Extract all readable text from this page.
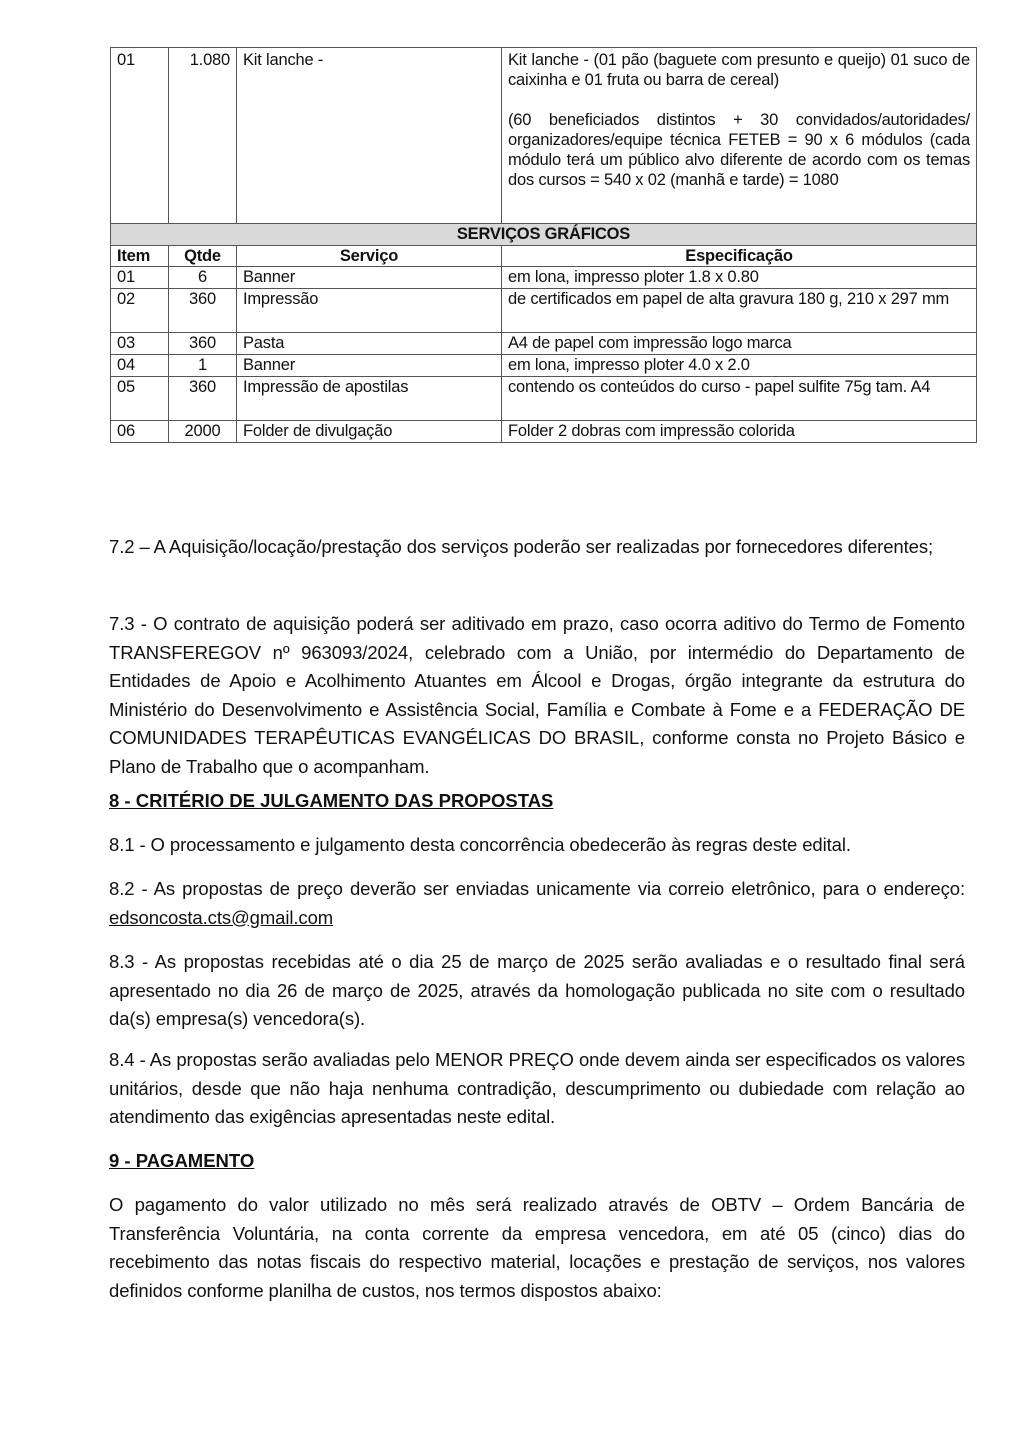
01	1.080	Kit lanche -	Kit lanche - (01 pão (baguete com presunto e queijo) 01 suco de caixinha e 01 fruta ou barra de cereal)

(60 beneficiados distintos + 30 convidados/autoridades/ organizadores/equipe técnica FETEB = 90 x 6 módulos (cada módulo terá um público alvo diferente de acordo com os temas dos cursos = 540 x 02 (manhã e tarde) = 1080

SERVIÇOS GRÁFICOS			
Item	Qtde	Serviço	Especificação
01	6	Banner	em lona, impresso ploter 1.8 x 0.80
02	360	Impressão	de certificados em papel de alta gravura 180 g, 210 x 297 mm
03	360	Pasta	A4 de papel com impressão logo marca
04	1	Banner	em lona, impresso ploter 4.0 x 2.0
05	360	Impressão de apostilas	contendo os conteúdos do curso - papel sulfite 75g tam. A4
06	2000	Folder de divulgação	Folder 2 dobras com impressão colorida

7.2 – A Aquisição/locação/prestação dos serviços poderão ser realizadas por fornecedores diferentes;

7.3 - O contrato de aquisição poderá ser aditivado em prazo, caso ocorra aditivo do Termo de Fomento TRANSFEREGOV nº 963093/2024, celebrado com a União, por intermédio do Departamento de Entidades de Apoio e Acolhimento Atuantes em Álcool e Drogas, órgão integrante da estrutura do Ministério do Desenvolvimento e Assistência Social, Família e Combate à Fome e a FEDERAÇÃO DE COMUNIDADES TERAPÊUTICAS EVANGÉLICAS DO BRASIL, conforme consta no Projeto Básico e Plano de Trabalho que o acompanham.

8 - CRITÉRIO DE JULGAMENTO DAS PROPOSTAS

8.1 - O processamento e julgamento desta concorrência obedecerão às regras deste edital.

8.2 - As propostas de preço deverão ser enviadas unicamente via correio eletrônico, para o endereço: edsoncosta.cts@gmail.com

8.3 - As propostas recebidas até o dia 25 de março de 2025 serão avaliadas e o resultado final será apresentado no dia 26 de março de 2025, através da homologação publicada no site com o resultado da(s) empresa(s) vencedora(s).

8.4 - As propostas serão avaliadas pelo MENOR PREÇO onde devem ainda ser especificados os valores unitários, desde que não haja nenhuma contradição, descumprimento ou dubiedade com relação ao atendimento das exigências apresentadas neste edital.

9 - PAGAMENTO

O pagamento do valor utilizado no mês será realizado através de OBTV – Ordem Bancária de Transferência Voluntária, na conta corrente da empresa vencedora, em até 05 (cinco) dias do recebimento das notas fiscais do respectivo material, locações e prestação de serviços, nos valores definidos conforme planilha de custos, nos termos dispostos abaixo:
